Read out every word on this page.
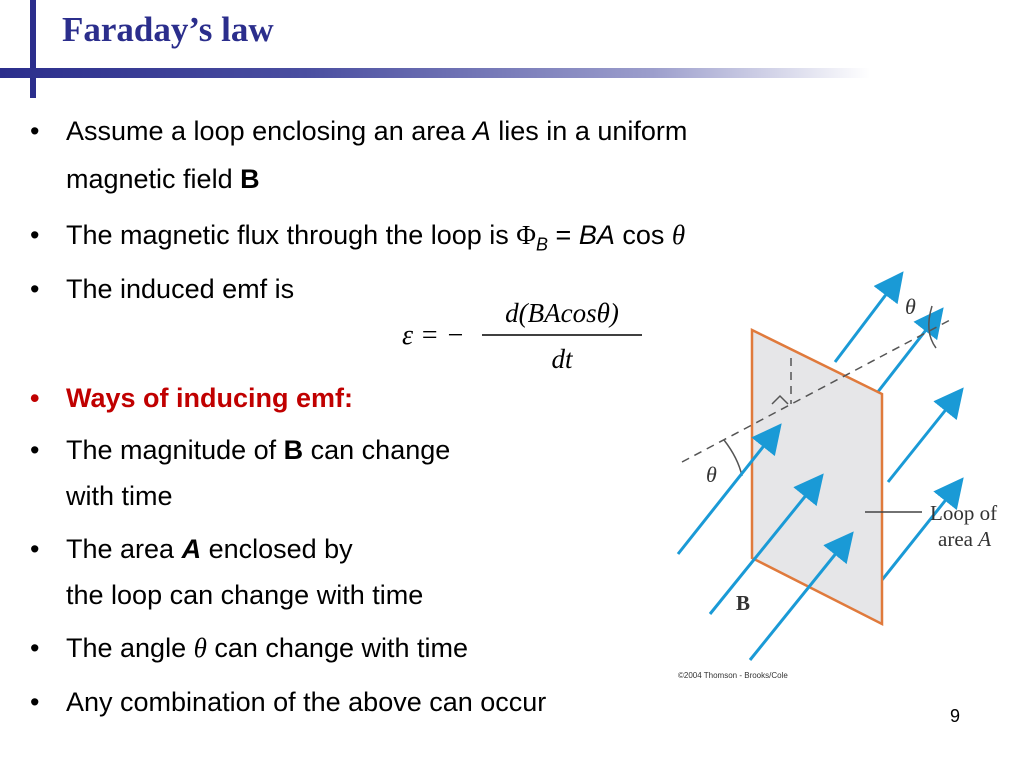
Faraday’s law
• Assume a loop enclosing an area A lies in a uniform
magnetic field B
• The magnetic flux through the loop is $\Phi_B$ = BA cos θ
• The induced emf is
• Ways of inducing emf:
• The magnitude of B can change
with time
• The area A enclosed by
the loop can change with time
• The angle θ can change with time
• Any combination of the above can occur
ε = −
d(BAcosθ)
dt
θ
θ
B
Loop of
area A
©2004 Thomson - Brooks/Cole
9
